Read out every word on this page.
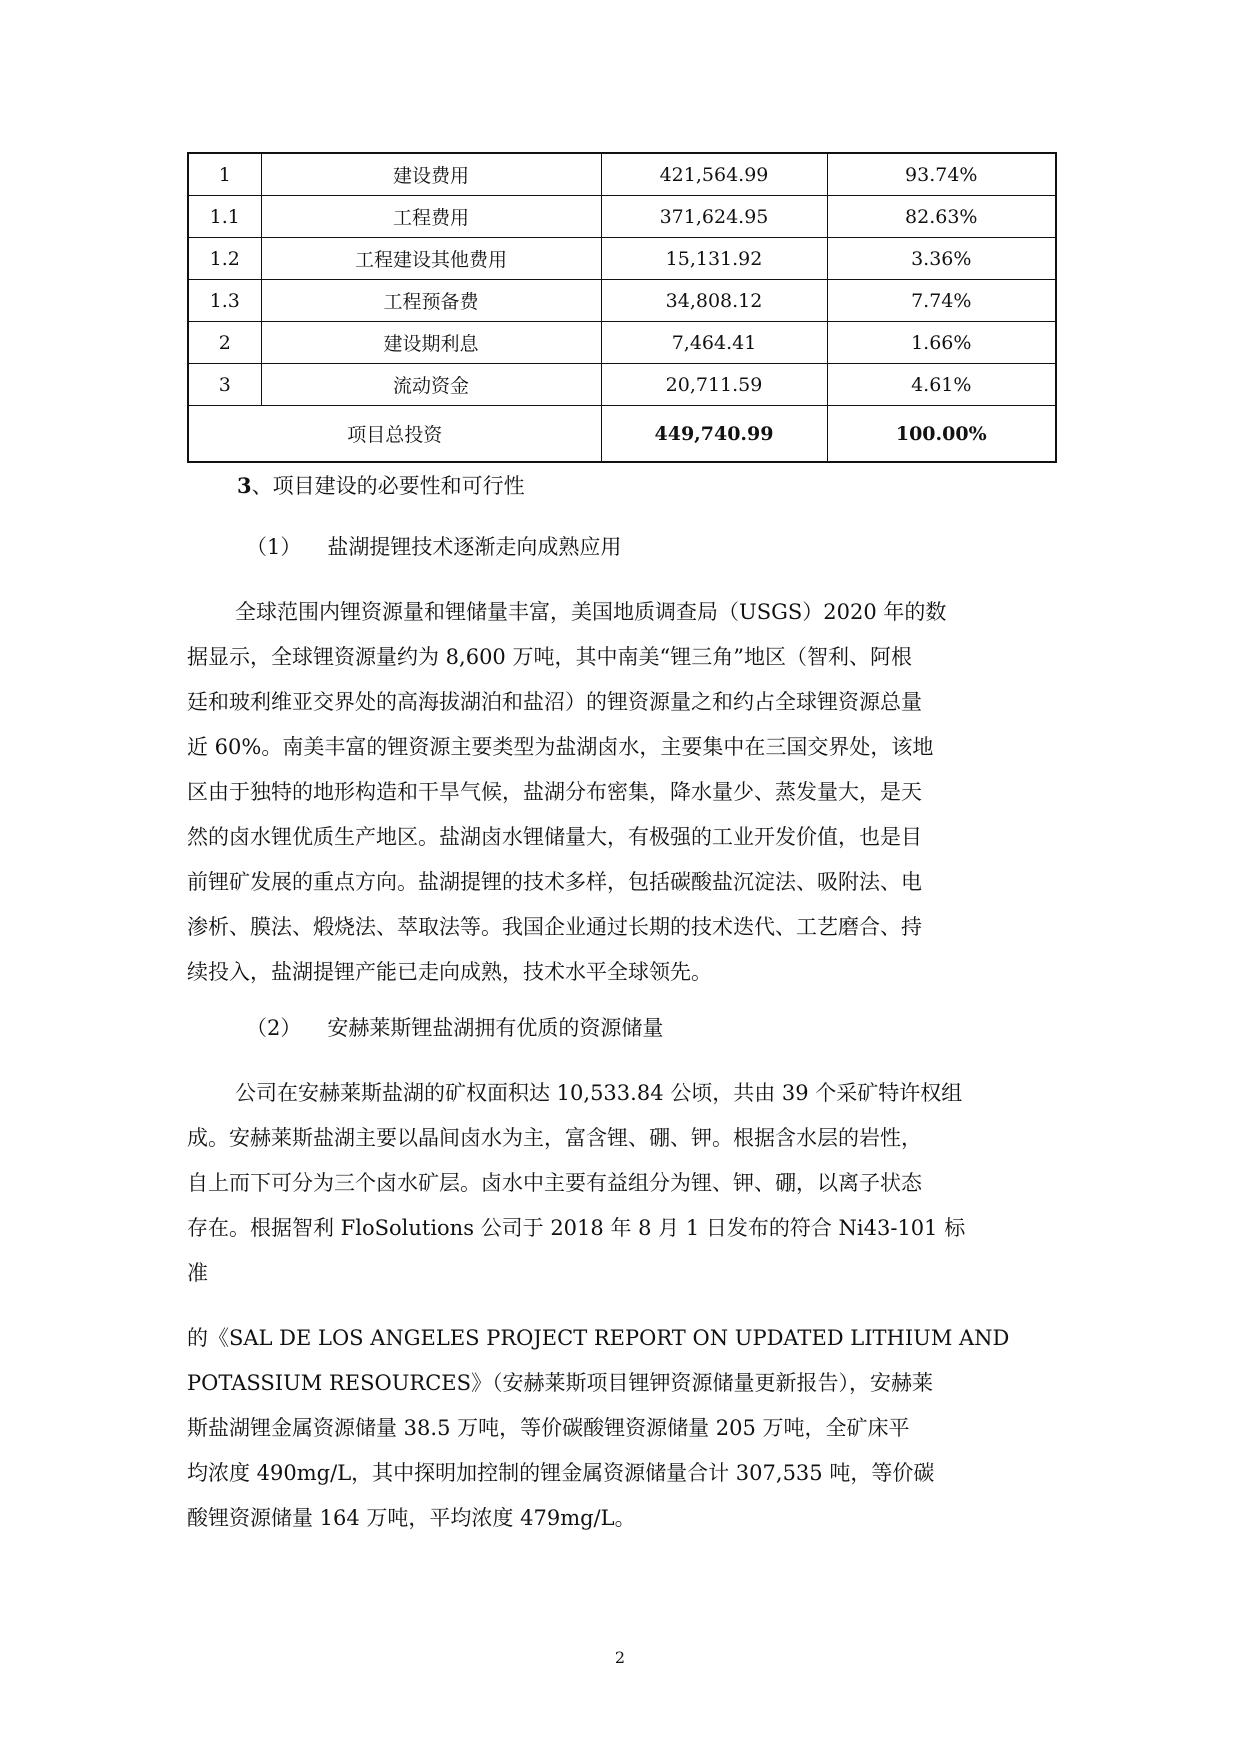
1	建设费用	421,564.99	93.74%
1.1	工程费用	371,624.95	82.63%
1.2	工程建设其他费用	15,131.92	3.36%
1.3	工程预备费	34,808.12	7.74%
2	建设期利息	7,464.41	1.66%
3	流动资金	20,711.59	4.61%
项目总投资		449,740.99	100.00%

3、项目建设的必要性和可行性

（1） 盐湖提锂技术逐渐走向成熟应用

全球范围内锂资源量和锂储量丰富，美国地质调查局（USGS）2020 年的数
据显示，全球锂资源量约为 8,600 万吨，其中南美“锂三角”地区（智利、阿根
廷和玻利维亚交界处的高海拔湖泊和盐沼）的锂资源量之和约占全球锂资源总量
近 60%。南美丰富的锂资源主要类型为盐湖卤水，主要集中在三国交界处，该地
区由于独特的地形构造和干旱气候，盐湖分布密集，降水量少、蒸发量大，是天
然的卤水锂优质生产地区。盐湖卤水锂储量大，有极强的工业开发价值，也是目
前锂矿发展的重点方向。盐湖提锂的技术多样，包括碳酸盐沉淀法、吸附法、电
渗析、膜法、煅烧法、萃取法等。我国企业通过长期的技术迭代、工艺磨合、持
续投入，盐湖提锂产能已走向成熟，技术水平全球领先。

（2） 安赫莱斯锂盐湖拥有优质的资源储量

公司在安赫莱斯盐湖的矿权面积达 10,533.84 公顷，共由 39 个采矿特许权组
成。安赫莱斯盐湖主要以晶间卤水为主，富含锂、硼、钾。根据含水层的岩性，
自上而下可分为三个卤水矿层。卤水中主要有益组分为锂、钾、硼，以离子状态
存在。根据智利 FloSolutions 公司于 2018 年 8 月 1 日发布的符合 Ni43-101 标
准

的《SAL DE LOS ANGELES PROJECT REPORT ON UPDATED LITHIUM AND
POTASSIUM RESOURCES》（安赫莱斯项目锂钾资源储量更新报告），安赫莱
斯盐湖锂金属资源储量 38.5 万吨，等价碳酸锂资源储量 205 万吨，全矿床平
均浓度 490mg/L，其中探明加控制的锂金属资源储量合计 307,535 吨，等价碳
酸锂资源储量 164 万吨，平均浓度 479mg/L。

2
